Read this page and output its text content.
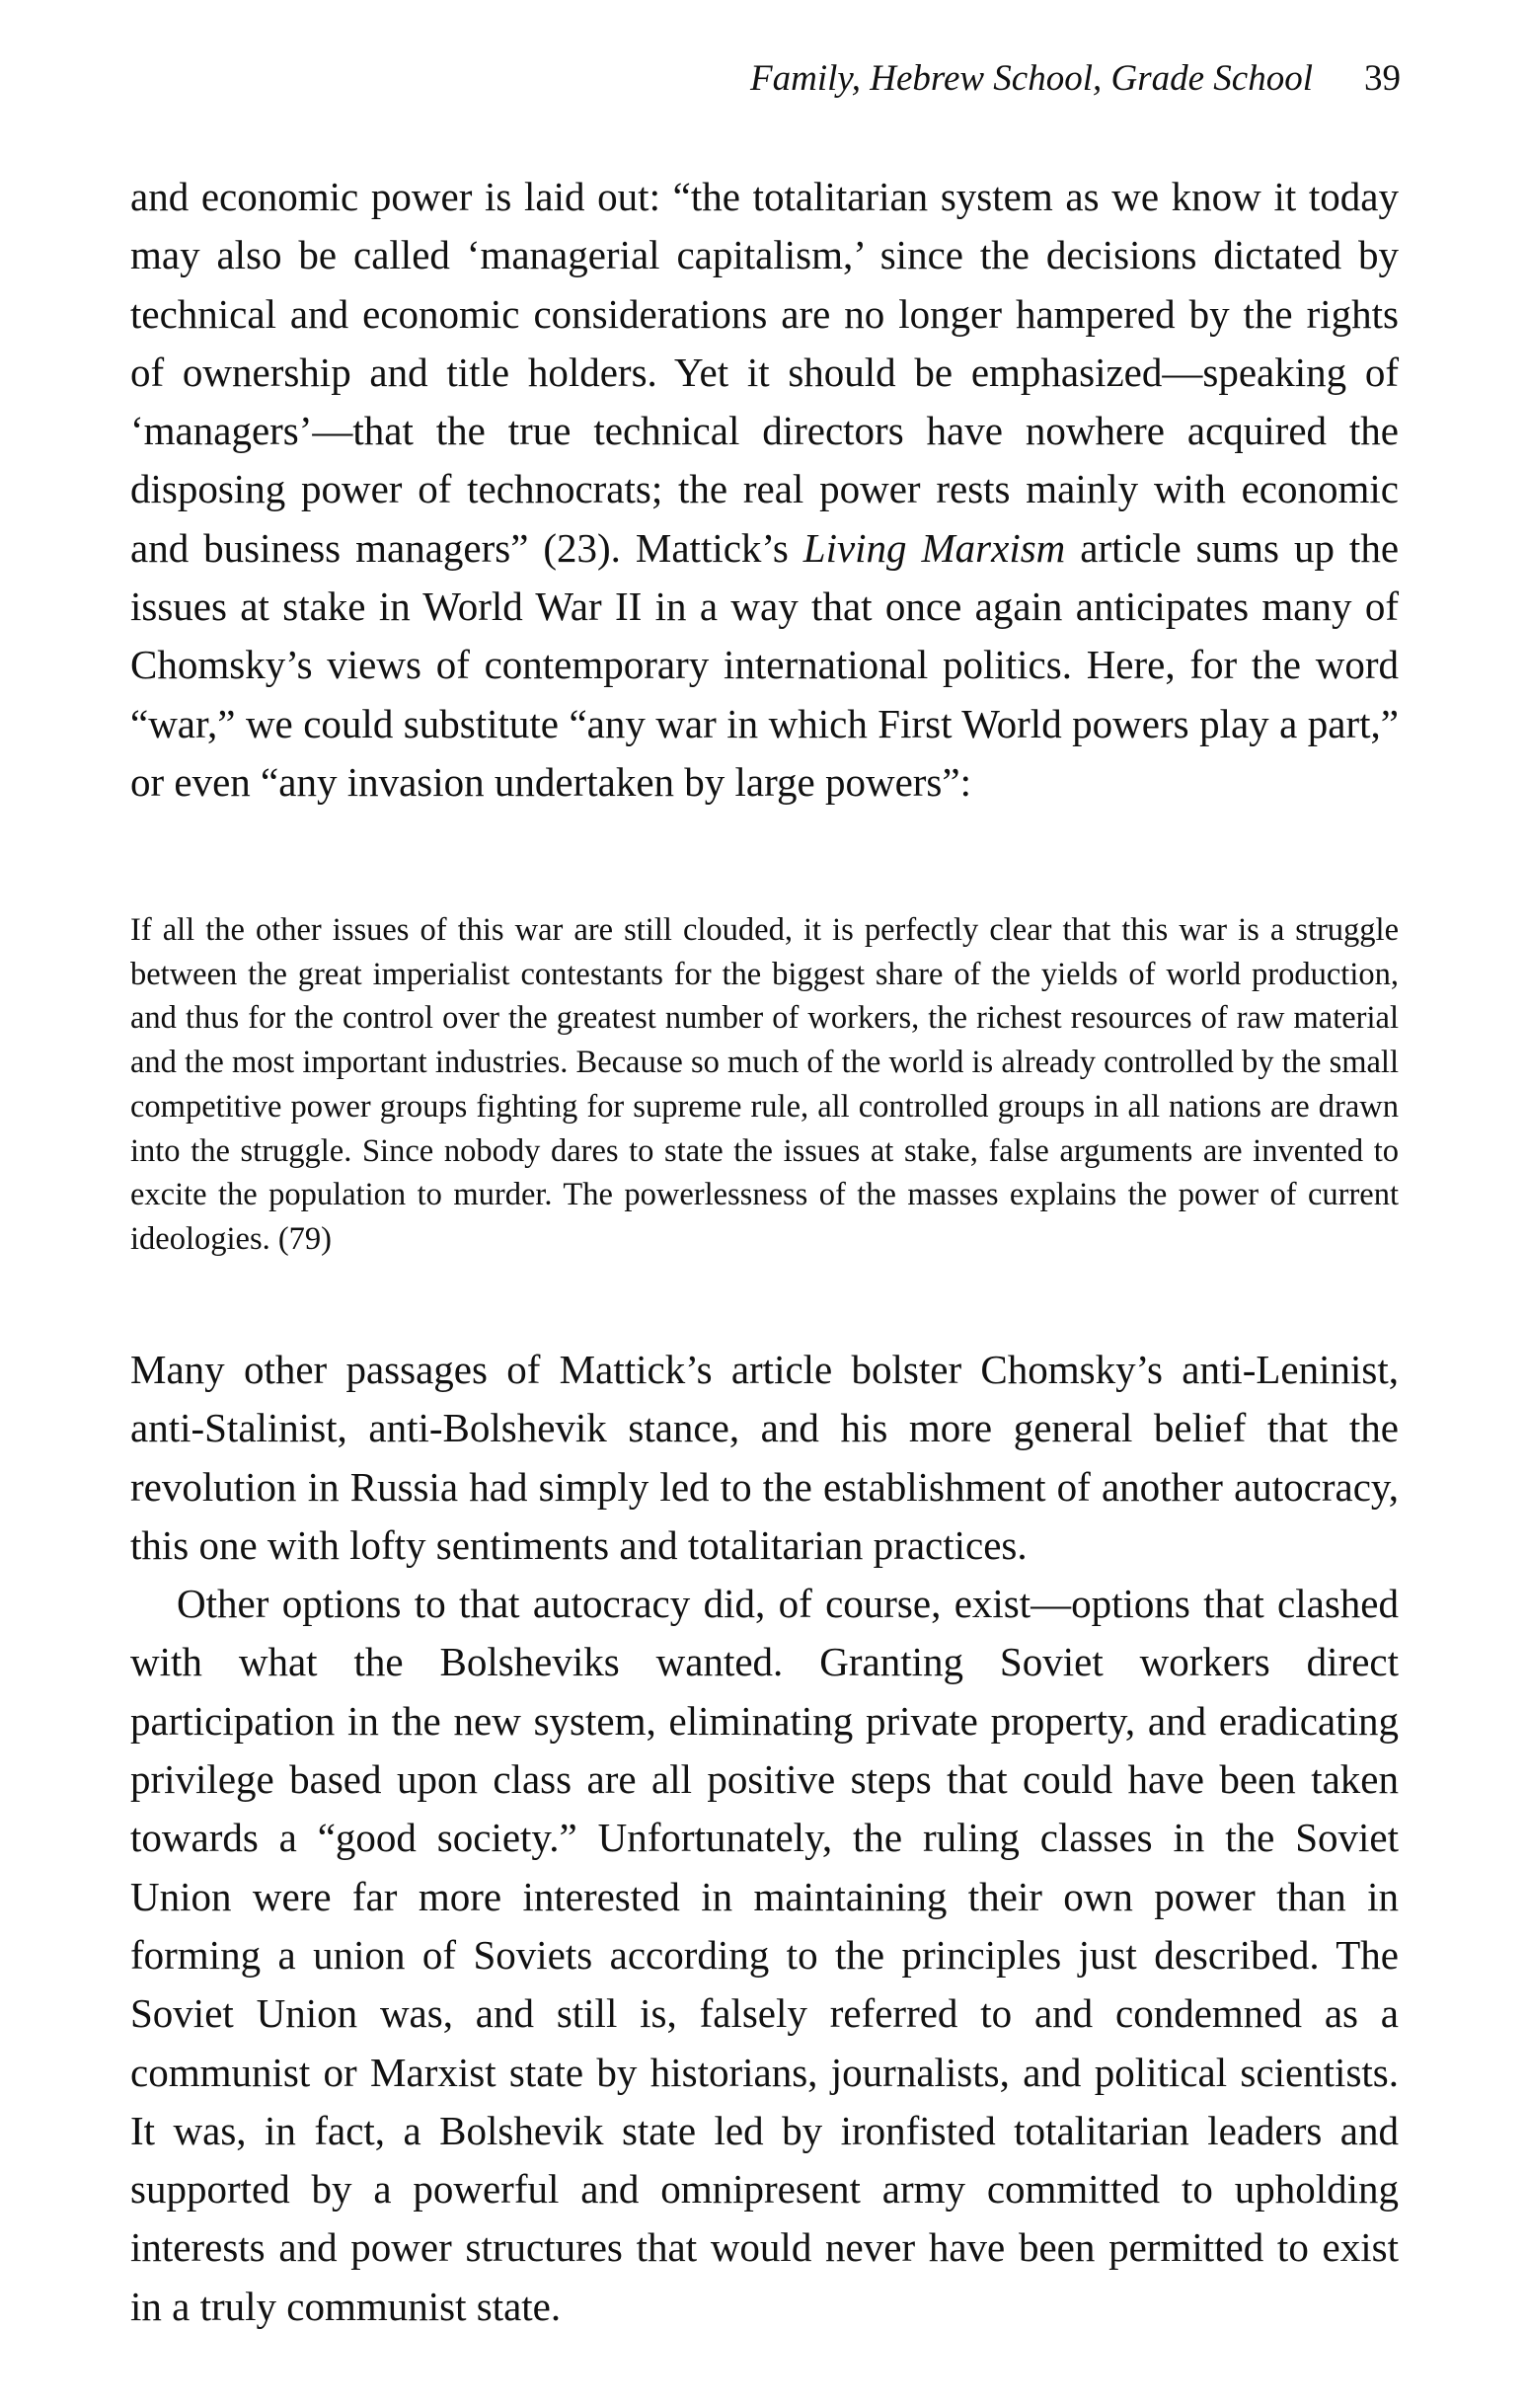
Family, Hebrew School, Grade School 39

and economic power is laid out: “the totalitarian system as we know it today may also be called ‘managerial capitalism,’ since the decisions dictated by technical and economic considerations are no longer hampered by the rights of ownership and title holders. Yet it should be emphasized—speaking of ‘managers’—that the true technical directors have nowhere acquired the disposing power of technocrats; the real power rests mainly with economic and business managers” (23). Mattick’s Living Marxism article sums up the issues at stake in World War II in a way that once again anticipates many of Chomsky’s views of contemporary international politics. Here, for the word “war,” we could substitute “any war in which First World powers play a part,” or even “any invasion undertaken by large powers”:

If all the other issues of this war are still clouded, it is perfectly clear that this war is a struggle between the great imperialist contestants for the biggest share of the yields of world production, and thus for the control over the greatest number of workers, the richest resources of raw material and the most important industries. Because so much of the world is already controlled by the small competitive power groups fighting for supreme rule, all controlled groups in all nations are drawn into the struggle. Since nobody dares to state the issues at stake, false arguments are invented to excite the population to murder. The powerlessness of the masses explains the power of current ideologies. (79)

Many other passages of Mattick’s article bolster Chomsky’s anti-Leninist, anti-Stalinist, anti-Bolshevik stance, and his more general belief that the revolution in Russia had simply led to the establishment of another autocracy, this one with lofty sentiments and totalitarian practices.

Other options to that autocracy did, of course, exist—options that clashed with what the Bolsheviks wanted. Granting Soviet workers direct participation in the new system, eliminating private property, and eradicating privilege based upon class are all positive steps that could have been taken towards a “good society.” Unfortunately, the ruling classes in the Soviet Union were far more interested in maintaining their own power than in forming a union of Soviets according to the principles just described. The Soviet Union was, and still is, falsely referred to and condemned as a communist or Marxist state by historians, journalists, and political scientists. It was, in fact, a Bolshevik state led by ironfisted totalitarian leaders and supported by a powerful and omnipresent army committed to upholding interests and power structures that would never have been permitted to exist in a truly communist state.
